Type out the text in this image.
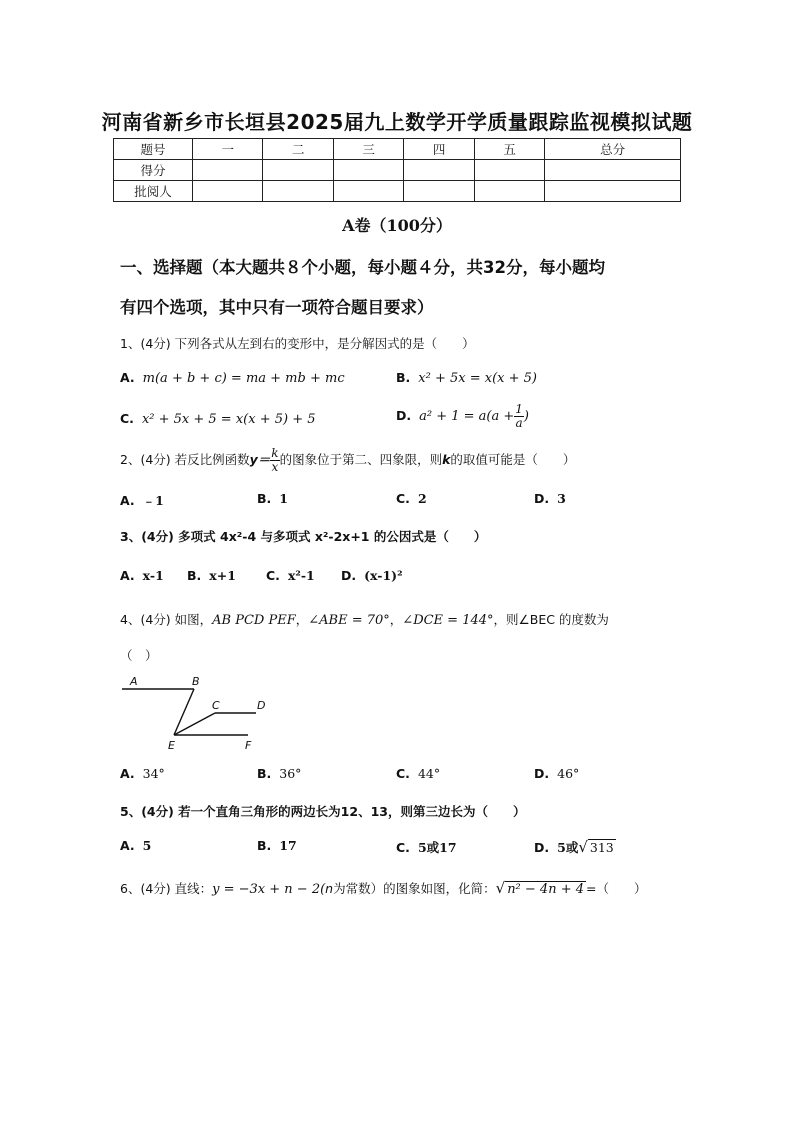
河南省新乡市长垣县2025届九上数学开学质量跟踪监视模拟试题
题号	一	二	三	四	五	总分
得分						
批阅人						
A卷（100分）
一、选择题（本大题共８个小题，每小题４分，共32分，每小题均
有四个选项，其中只有一项符合题目要求）
1、(4分) 下列各式从左到右的变形中，是分解因式的是（　　）
A. m(a + b + c) = ma + mb + mc	B. x² + 5x = x(x + 5)
C. x² + 5x + 5 = x(x + 5) + 5	D. $a^2 + 1 = a(a + \frac{1}{a}$ )
2、(4分) 若反比例函数$y= \frac{k}{x}$ 的图象位于第二、四象限，则k的取值可能是（　　）
A. ﹣1	B. 1	C. 2	D. 3
3、(4分) 多项式 4x²-4 与多项式 x²-2x+1 的公因式是（　　）
A. x-1 B. x+1 C. x²-1 D. (x-1)²
4、(4分) 如图，AB PCD PEF，∠ABE = 70°，∠DCE = 144°，则∠BEC 的度数为
（　）
A	B
C	D
E	F
A. 34°	B. 36°	C. 44°	D. 46°
5、(4分) 若一个直角三角形的两边长为12、13，则第三边长为（　　）
A. 5	B. 17	C. 5或17	D. 5或√ 313
6、(4分) 直线：y = −3x + n − 2(n为常数）的图象如图，化简：√ n² − 4n + 4 =（　　）
